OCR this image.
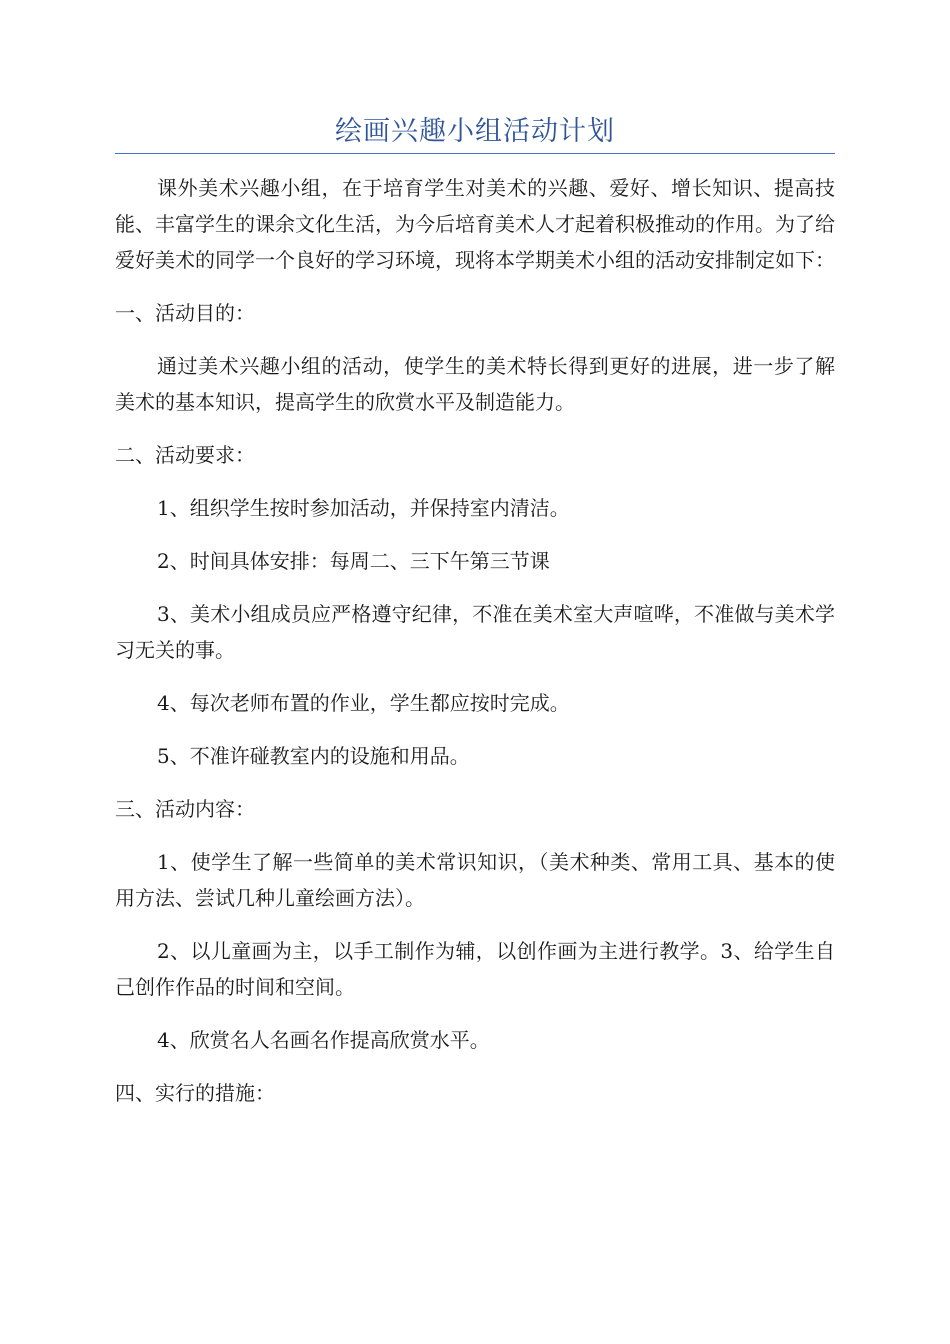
绘画兴趣小组活动计划

课外美术兴趣小组，在于培育学生对美术的兴趣、爱好、增长知识、提高技能、丰富学生的课余文化生活，为今后培育美术人才起着积极推动的作用。为了给爱好美术的同学一个良好的学习环境，现将本学期美术小组的活动安排制定如下：

一、活动目的：

通过美术兴趣小组的活动，使学生的美术特长得到更好的进展，进一步了解美术的基本知识，提高学生的欣赏水平及制造能力。

二、活动要求：

1、组织学生按时参加活动，并保持室内清洁。

2、时间具体安排：每周二、三下午第三节课

3、美术小组成员应严格遵守纪律，不准在美术室大声喧哗，不准做与美术学习无关的事。

4、每次老师布置的作业，学生都应按时完成。

5、不准许碰教室内的设施和用品。

三、活动内容：

1、使学生了解一些简单的美术常识知识，（美术种类、常用工具、基本的使用方法、尝试几种儿童绘画方法）。

2、以儿童画为主，以手工制作为辅，以创作画为主进行教学。3、给学生自己创作作品的时间和空间。

4、欣赏名人名画名作提高欣赏水平。

四、实行的措施：
